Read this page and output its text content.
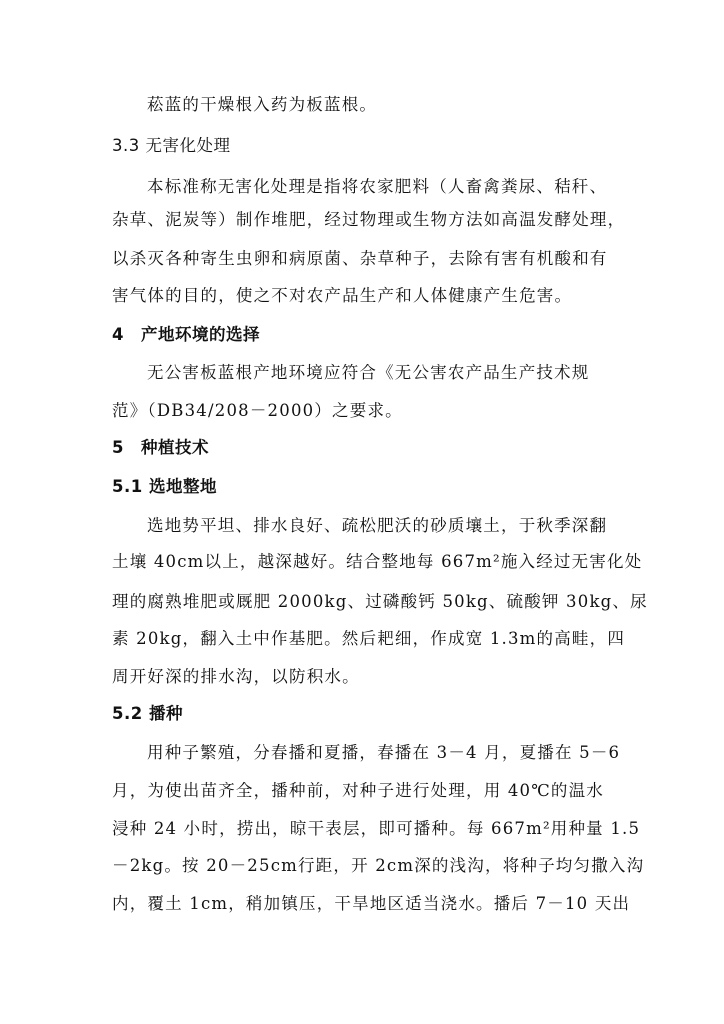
菘蓝的干燥根入药为板蓝根。
3.3 无害化处理
本标准称无害化处理是指将农家肥料（人畜禽粪尿、秸秆、
杂草、泥炭等）制作堆肥，经过物理或生物方法如高温发酵处理，
以杀灭各种寄生虫卵和病原菌、杂草种子，去除有害有机酸和有
害气体的目的，使之不对农产品生产和人体健康产生危害。
4　产地环境的选择
无公害板蓝根产地环境应符合《无公害农产品生产技术规
范》（DB34/208－2000）之要求。
5　种植技术
5.1 选地整地
选地势平坦、排水良好、疏松肥沃的砂质壤土，于秋季深翻
土壤 40cm以上，越深越好。结合整地每 667m²施入经过无害化处
理的腐熟堆肥或厩肥 2000kg、过磷酸钙 50kg、硫酸钾 30kg、尿
素 20kg，翻入土中作基肥。然后耙细，作成宽 1.3m的高畦，四
周开好深的排水沟，以防积水。
5.2 播种
用种子繁殖，分春播和夏播，春播在 3－4 月，夏播在 5－6
月，为使出苗齐全，播种前，对种子进行处理，用 40℃的温水
浸种 24 小时，捞出，晾干表层，即可播种。每 667m²用种量 1.5
－2kg。按 20－25cm行距，开 2cm深的浅沟，将种子均匀撒入沟
内，覆土 1cm，稍加镇压，干旱地区适当浇水。播后 7－10 天出
